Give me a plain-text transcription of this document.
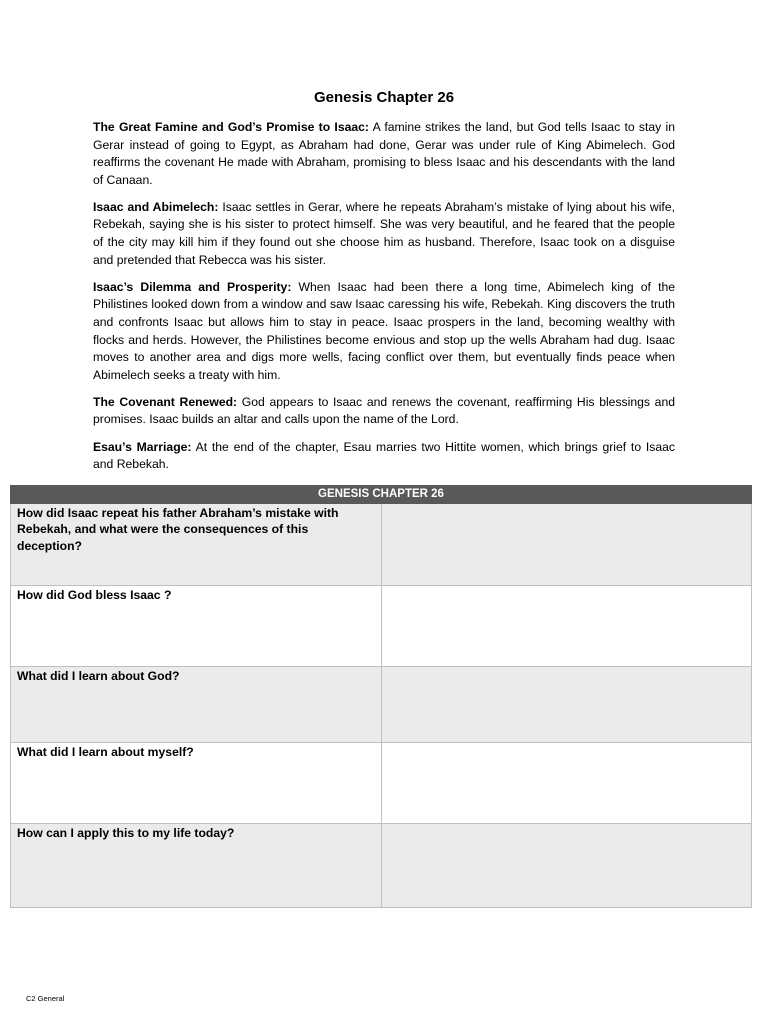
Genesis Chapter 26

The Great Famine and God’s Promise to Isaac: A famine strikes the land, but God tells Isaac to stay in Gerar instead of going to Egypt, as Abraham had done, Gerar was under rule of King Abimelech. God reaffirms the covenant He made with Abraham, promising to bless Isaac and his descendants with the land of Canaan.

Isaac and Abimelech: Isaac settles in Gerar, where he repeats Abraham’s mistake of lying about his wife, Rebekah, saying she is his sister to protect himself. She was very beautiful, and he feared that the people of the city may kill him if they found out she choose him as husband. Therefore, Isaac took on a disguise and pretended that Rebecca was his sister.

Isaac’s Dilemma and Prosperity: When Isaac had been there a long time, Abimelech king of the Philistines looked down from a window and saw Isaac caressing his wife, Rebekah. King discovers the truth and confronts Isaac but allows him to stay in peace. Isaac prospers in the land, becoming wealthy with flocks and herds. However, the Philistines become envious and stop up the wells Abraham had dug. Isaac moves to another area and digs more wells, facing conflict over them, but eventually finds peace when Abimelech seeks a treaty with him.

The Covenant Renewed: God appears to Isaac and renews the covenant, reaffirming His blessings and promises. Isaac builds an altar and calls upon the name of the Lord.

Esau’s Marriage: At the end of the chapter, Esau marries two Hittite women, which brings grief to Isaac and Rebekah.

GENESIS CHAPTER 26	
How did Isaac repeat his father Abraham’s mistake with Rebekah, and what were the consequences of this deception?	
How did God bless Isaac ?	
What did I learn about God?	
What did I learn about myself?	
How can I apply this to my life today?	
C2 General
